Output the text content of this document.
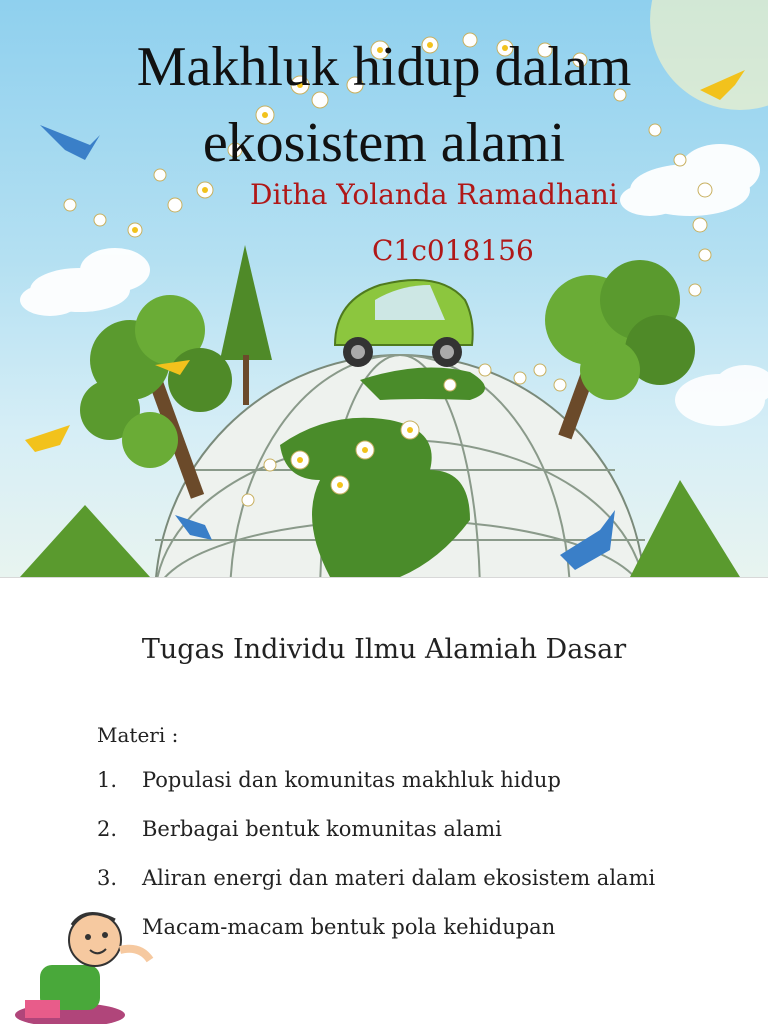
Makhluk hidup dalam
ekosistem alami
Ditha Yolanda Ramadhani
C1c018156
Tugas Individu Ilmu Alamiah Dasar
Materi :
1.	Populasi dan komunitas makhluk hidup
2.	Berbagai bentuk komunitas alami
3.	Aliran energi dan materi dalam ekosistem alami
Macam-macam bentuk pola kehidupan
